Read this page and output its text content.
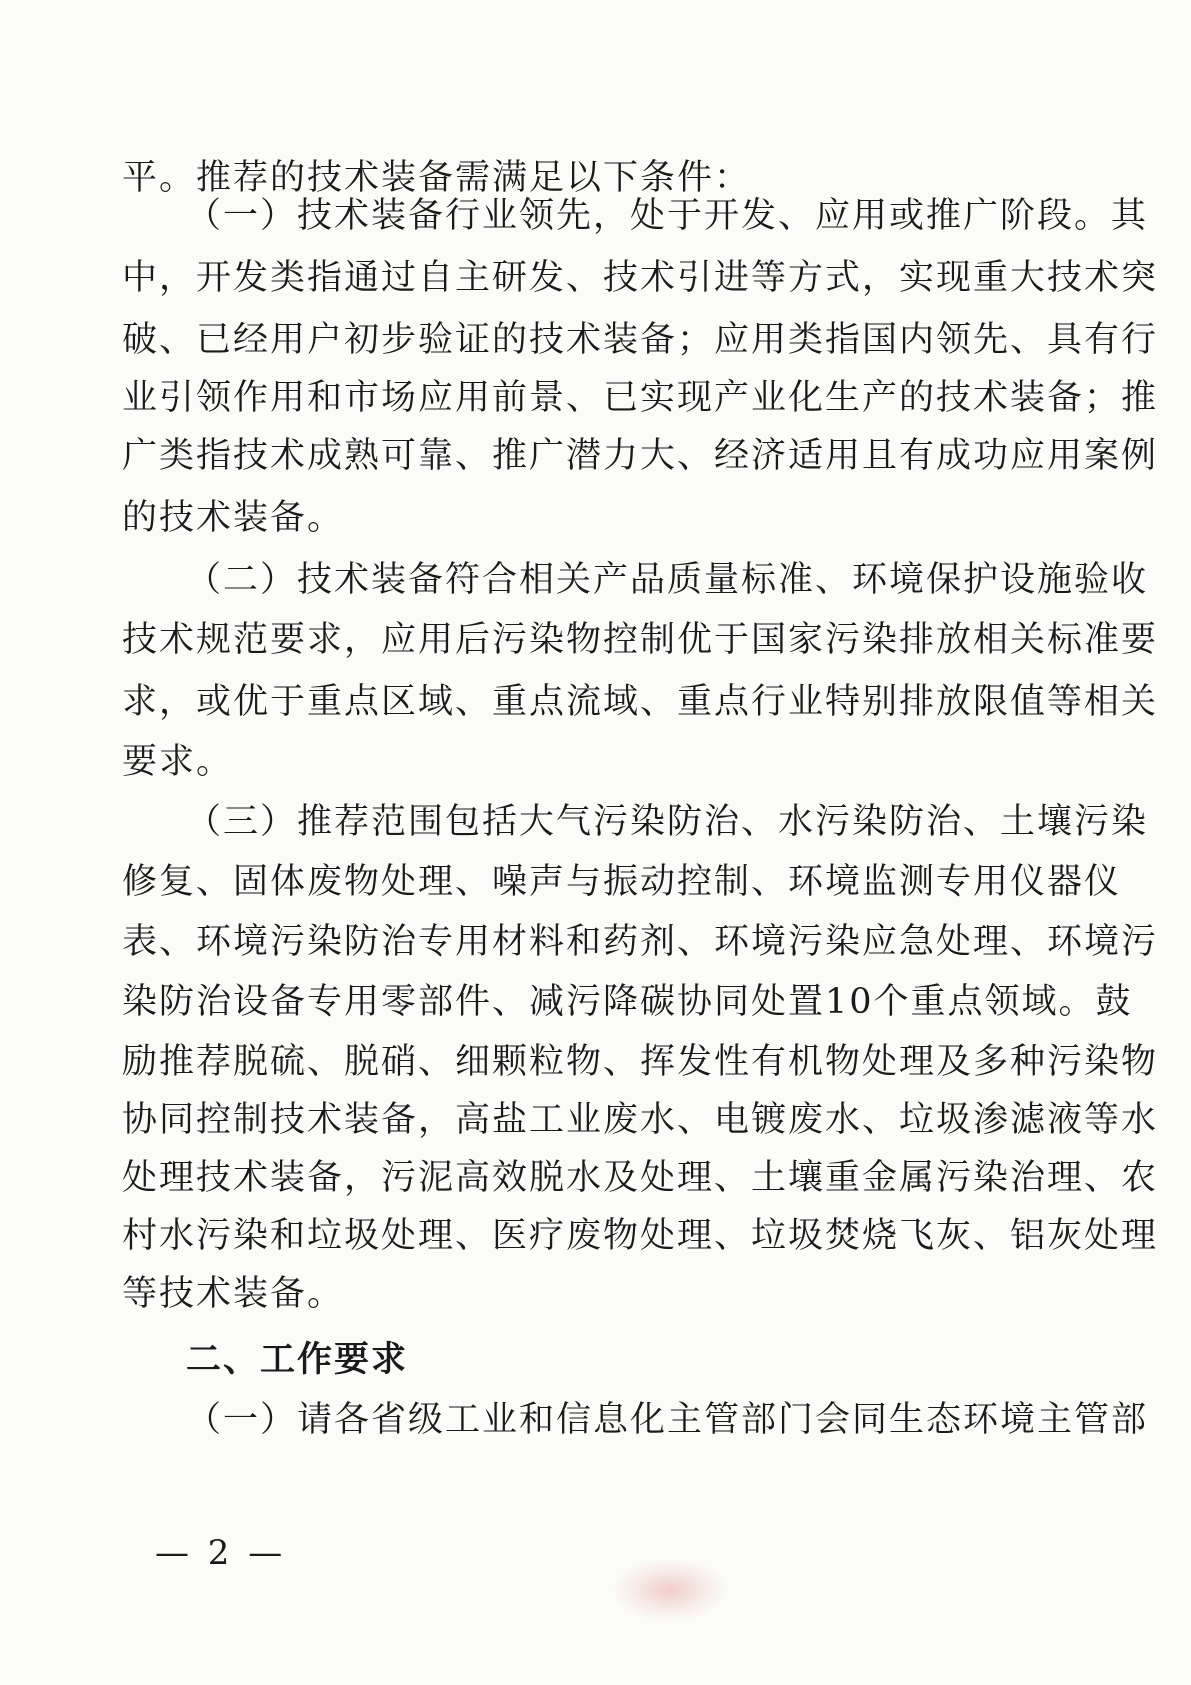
平。推荐的技术装备需满足以下条件：
（一）技术装备行业领先，处于开发、应用或推广阶段。其
中，开发类指通过自主研发、技术引进等方式，实现重大技术突
破、已经用户初步验证的技术装备；应用类指国内领先、具有行
业引领作用和市场应用前景、已实现产业化生产的技术装备；推
广类指技术成熟可靠、推广潜力大、经济适用且有成功应用案例
的技术装备。
（二）技术装备符合相关产品质量标准、环境保护设施验收
技术规范要求，应用后污染物控制优于国家污染排放相关标准要
求，或优于重点区域、重点流域、重点行业特别排放限值等相关
要求。
（三）推荐范围包括大气污染防治、水污染防治、土壤污染
修复、固体废物处理、噪声与振动控制、环境监测专用仪器仪
表、环境污染防治专用材料和药剂、环境污染应急处理、环境污
染防治设备专用零部件、减污降碳协同处置10个重点领域。鼓
励推荐脱硫、脱硝、细颗粒物、挥发性有机物处理及多种污染物
协同控制技术装备，高盐工业废水、电镀废水、垃圾渗滤液等水
处理技术装备，污泥高效脱水及处理、土壤重金属污染治理、农
村水污染和垃圾处理、医疗废物处理、垃圾焚烧飞灰、铝灰处理
等技术装备。
二、工作要求
（一）请各省级工业和信息化主管部门会同生态环境主管部
— 2 —
